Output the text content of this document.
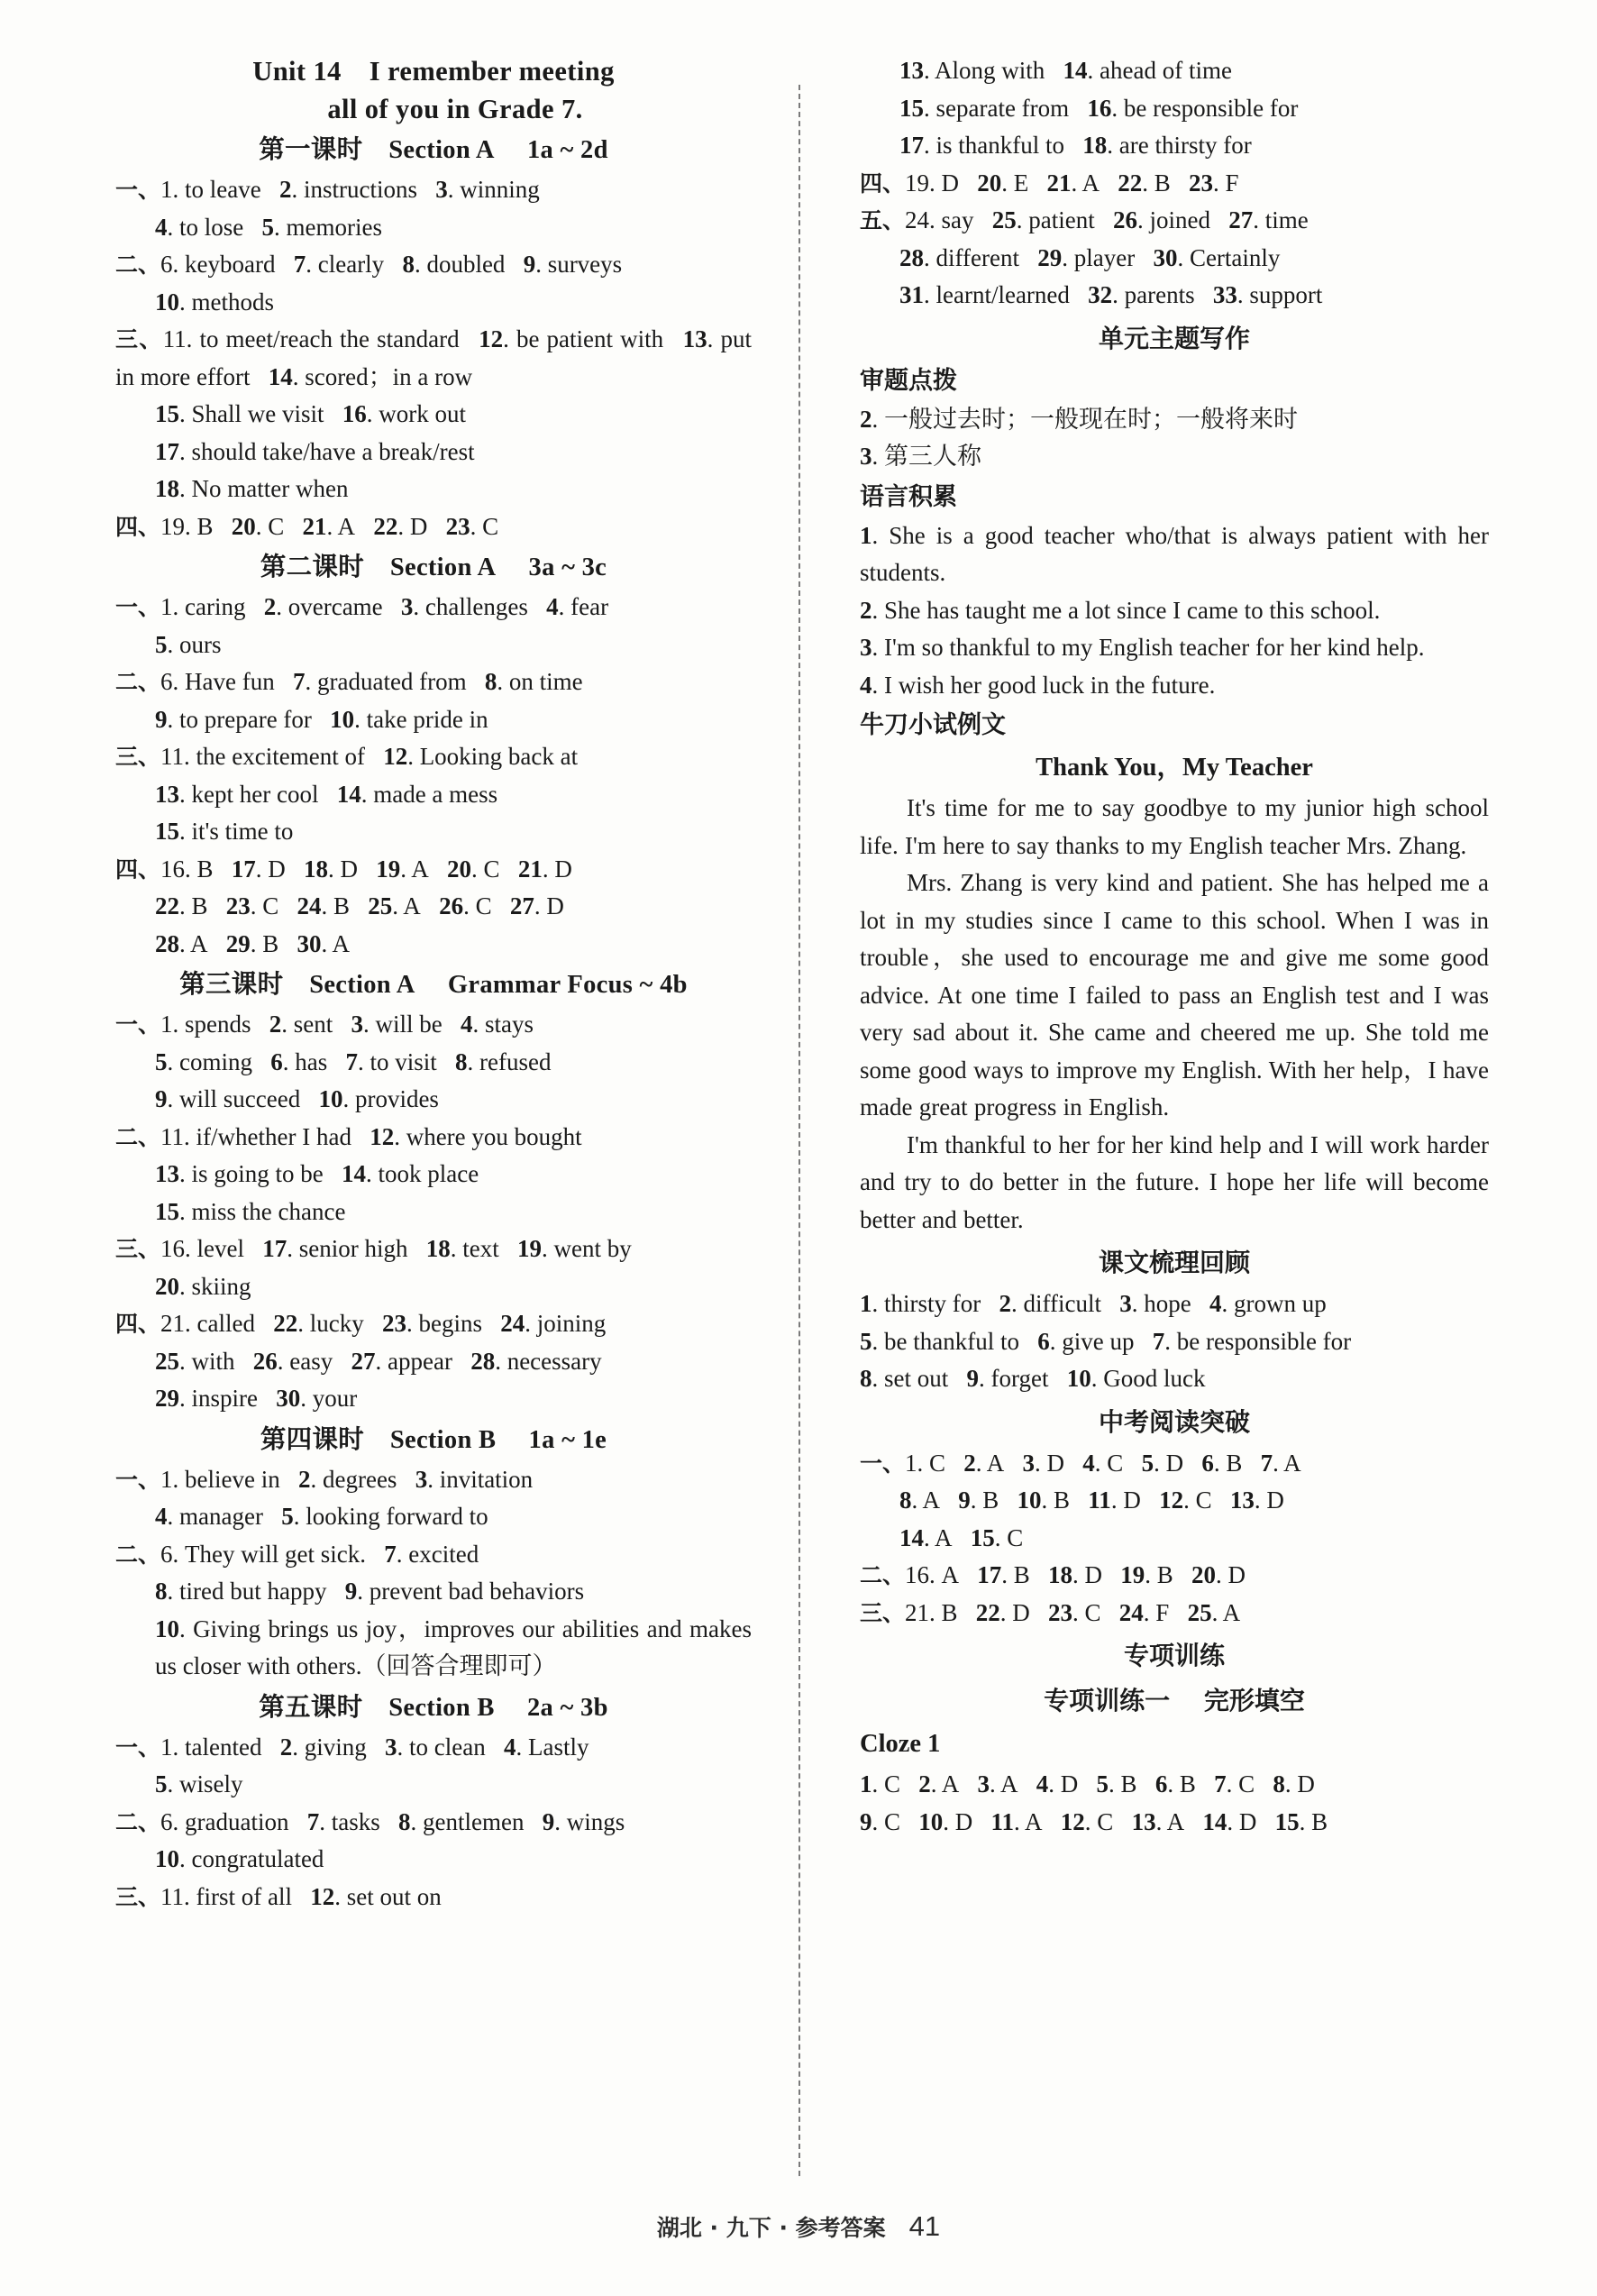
Unit 14 I remember meeting
all of you in Grade 7.
第一课时 Section A  1a ~ 2d

一、1. to leave  2. instructions  3. winning

4. to lose  5. memories

二、6. keyboard  7. clearly  8. doubled  9. surveys

10. methods

三、11. to meet/reach the standard  12. be patient with  13. put in more effort  14. scored；in a row

15. Shall we visit  16. work out

17. should take/have a break/rest

18. No matter when

四、19. B  20. C  21. A  22. D  23. C

第二课时 Section A  3a ~ 3c

一、1. caring  2. overcame  3. challenges  4. fear

5. ours

二、6. Have fun  7. graduated from  8. on time

9. to prepare for  10. take pride in

三、11. the excitement of  12. Looking back at

13. kept her cool  14. made a mess

15. it's time to

四、16. B  17. D  18. D  19. A  20. C  21. D

22. B  23. C  24. B  25. A  26. C  27. D

28. A  29. B  30. A

第三课时 Section A  Grammar Focus ~ 4b

一、1. spends  2. sent  3. will be  4. stays

5. coming  6. has  7. to visit  8. refused

9. will succeed  10. provides

二、11. if/whether I had  12. where you bought

13. is going to be  14. took place

15. miss the chance

三、16. level  17. senior high  18. text  19. went by

20. skiing

四、21. called  22. lucky  23. begins  24. joining

25. with  26. easy  27. appear  28. necessary

29. inspire  30. your

第四课时 Section B  1a ~ 1e

一、1. believe in  2. degrees  3. invitation

4. manager  5. looking forward to

二、6. They will get sick.  7. excited

8. tired but happy  9. prevent bad behaviors

10. Giving brings us joy，improves our abilities and makes us closer with others.（回答合理即可）

第五课时 Section B  2a ~ 3b

一、1. talented  2. giving  3. to clean  4. Lastly

5. wisely

二、6. graduation  7. tasks  8. gentlemen  9. wings

10. congratulated

三、11. first of all  12. set out on

13. Along with  14. ahead of time

15. separate from  16. be responsible for

17. is thankful to  18. are thirsty for

四、19. D  20. E  21. A  22. B  23. F

五、24. say  25. patient  26. joined  27. time

28. different  29. player  30. Certainly

31. learnt/learned  32. parents  33. support

单元主题写作
审题点拨

2. 一般过去时；一般现在时；一般将来时

3. 第三人称

语言积累

1. She is a good teacher who/that is always patient with her students.

2. She has taught me a lot since I came to this school.

3. I'm so thankful to my English teacher for her kind help.

4. I wish her good luck in the future.

牛刀小试例文
Thank You，My Teacher

It's time for me to say goodbye to my junior high school life. I'm here to say thanks to my English teacher Mrs. Zhang.

Mrs. Zhang is very kind and patient. She has helped me a lot in my studies since I came to this school. When I was in trouble，she used to encourage me and give me some good advice. At one time I failed to pass an English test and I was very sad about it. She came and cheered me up. She told me some good ways to improve my English. With her help，I have made great progress in English.

I'm thankful to her for her kind help and I will work harder and try to do better in the future. I hope her life will become better and better.

课文梳理回顾

1. thirsty for  2. difficult  3. hope  4. grown up

5. be thankful to  6. give up  7. be responsible for

8. set out  9. forget  10. Good luck

中考阅读突破

一、1. C  2. A  3. D  4. C  5. D  6. B  7. A

8. A  9. B  10. B  11. D  12. C  13. D

14. A  15. C

二、16. A  17. B  18. D  19. B  20. D

三、21. B  22. D  23. C  24. F  25. A

专项训练
专项训练一  完形填空
Cloze 1

1. C  2. A  3. A  4. D  5. B  6. B  7. C  8. D

9. C  10. D  11. A  12. C  13. A  14. D  15. B

湖北 · 九下 · 参考答案 41
